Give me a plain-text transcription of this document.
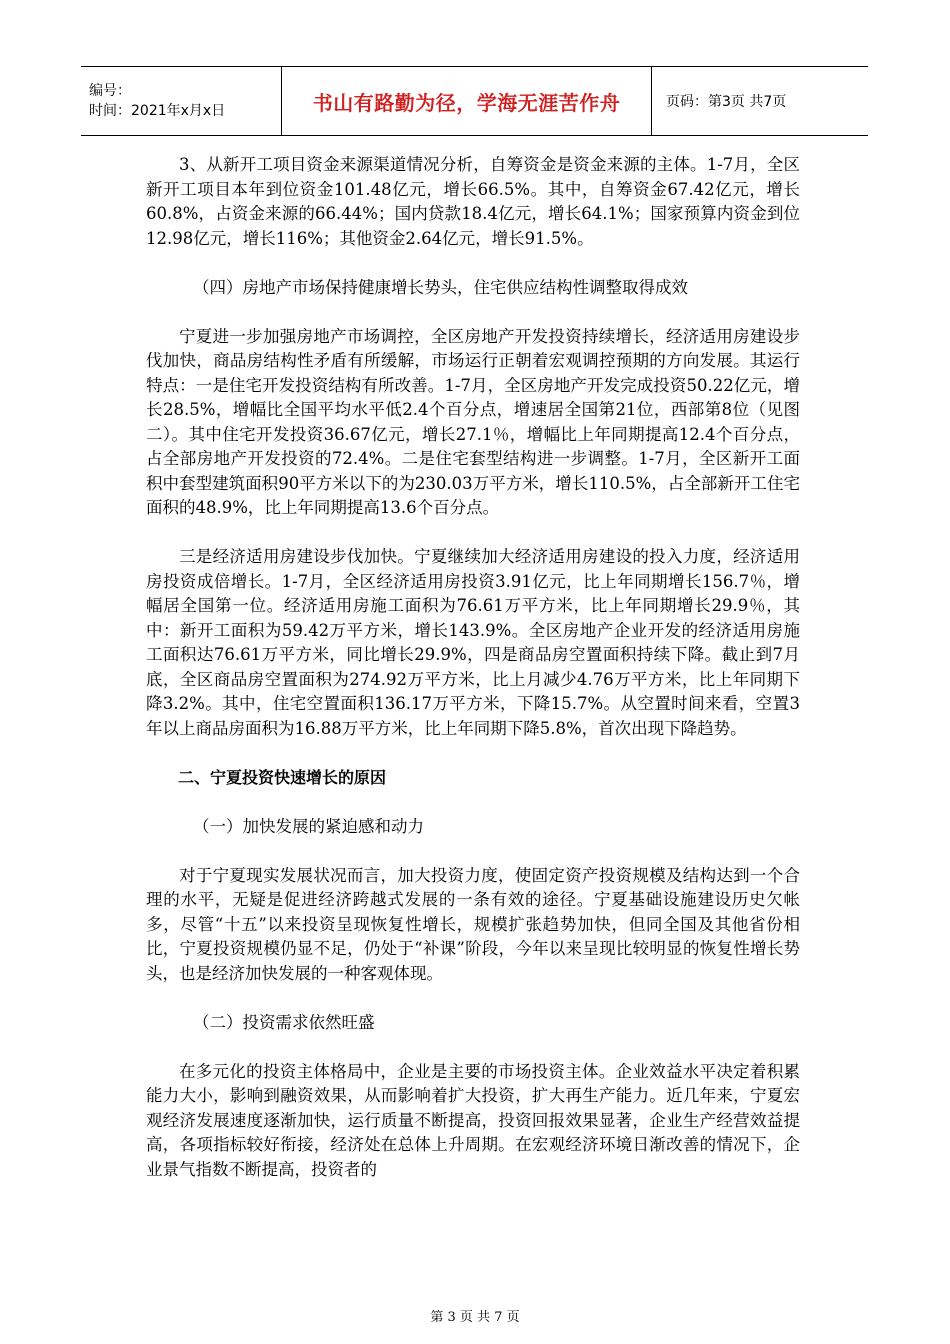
编号：
时间：2021年x月x日	书山有路勤为径，学海无涯苦作舟	页码：第3页 共7页

3、从新开工项目资金来源渠道情况分析，自筹资金是资金来源的主体。1-7月，全区新开工项目本年到位资金101.48亿元，增长66.5%。其中，自筹资金67.42亿元，增长60.8%，占资金来源的66.44%；国内贷款18.4亿元，增长64.1%；国家预算内资金到位12.98亿元，增长116%；其他资金2.64亿元，增长91.5%。

（四）房地产市场保持健康增长势头，住宅供应结构性调整取得成效

宁夏进一步加强房地产市场调控，全区房地产开发投资持续增长，经济适用房建设步伐加快，商品房结构性矛盾有所缓解，市场运行正朝着宏观调控预期的方向发展。其运行特点：一是住宅开发投资结构有所改善。1-7月，全区房地产开发完成投资50.22亿元，增长28.5%，增幅比全国平均水平低2.4个百分点，增速居全国第21位，西部第8位（见图二）。其中住宅开发投资36.67亿元，增长27.1％，增幅比上年同期提高12.4个百分点，占全部房地产开发投资的72.4%。二是住宅套型结构进一步调整。1-7月，全区新开工面积中套型建筑面积90平方米以下的为230.03万平方米，增长110.5%，占全部新开工住宅面积的48.9%，比上年同期提高13.6个百分点。

三是经济适用房建设步伐加快。宁夏继续加大经济适用房建设的投入力度，经济适用房投资成倍增长。1-7月，全区经济适用房投资3.91亿元，比上年同期增长156.7％，增幅居全国第一位。经济适用房施工面积为76.61万平方米，比上年同期增长29.9％，其中：新开工面积为59.42万平方米，增长143.9%。全区房地产企业开发的经济适用房施工面积达76.61万平方米，同比增长29.9%，四是商品房空置面积持续下降。截止到7月底，全区商品房空置面积为274.92万平方米，比上月减少4.76万平方米，比上年同期下降3.2%。其中，住宅空置面积136.17万平方米，下降15.7%。从空置时间来看，空置3年以上商品房面积为16.88万平方米，比上年同期下降5.8%，首次出现下降趋势。

二、宁夏投资快速增长的原因

（一）加快发展的紧迫感和动力

对于宁夏现实发展状况而言，加大投资力度，使固定资产投资规模及结构达到一个合理的水平，无疑是促进经济跨越式发展的一条有效的途径。宁夏基础设施建设历史欠帐多，尽管“十五”以来投资呈现恢复性增长，规模扩张趋势加快，但同全国及其他省份相比，宁夏投资规模仍显不足，仍处于“补课”阶段，今年以来呈现比较明显的恢复性增长势头，也是经济加快发展的一种客观体现。

（二）投资需求依然旺盛

在多元化的投资主体格局中，企业是主要的市场投资主体。企业效益水平决定着积累能力大小，影响到融资效果，从而影响着扩大投资，扩大再生产能力。近几年来，宁夏宏观经济发展速度逐渐加快，运行质量不断提高，投资回报效果显著，企业生产经营效益提高，各项指标较好衔接，经济处在总体上升周期。在宏观经济环境日渐改善的情况下，企业景气指数不断提高，投资者的

第 3 页 共 7 页
